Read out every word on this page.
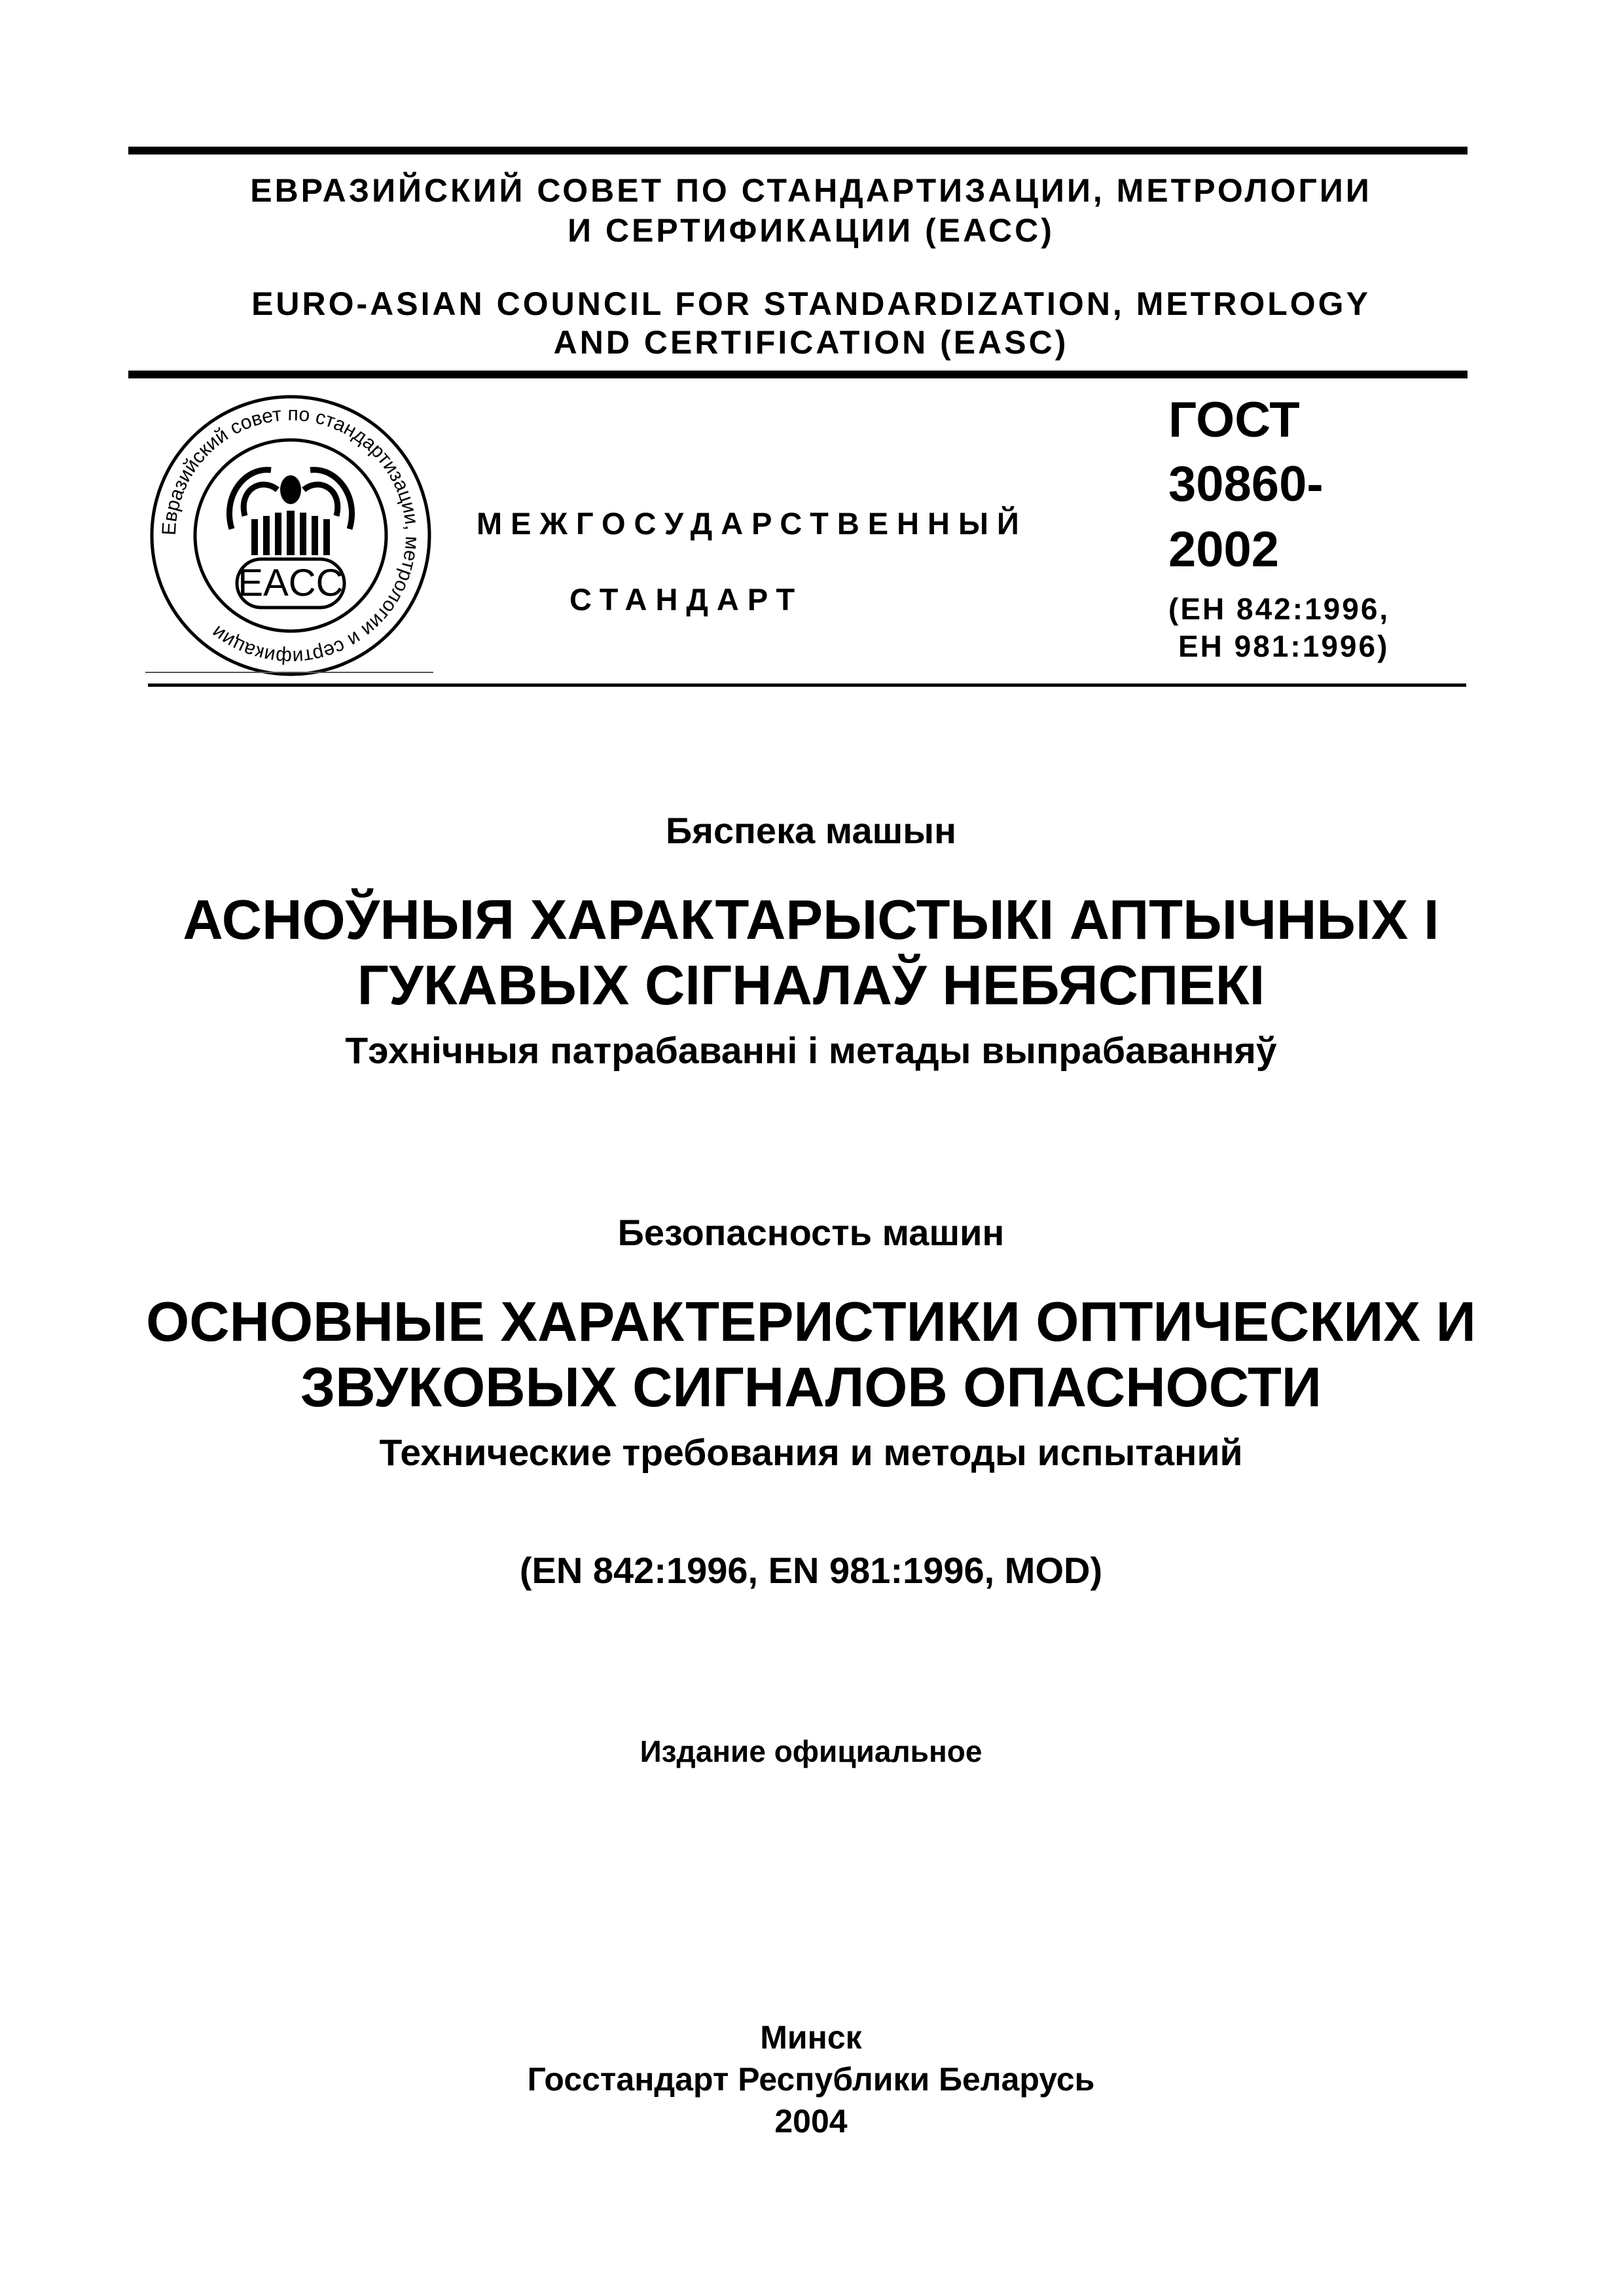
ЕВРАЗИЙСКИЙ СОВЕТ ПО СТАНДАРТИЗАЦИИ, МЕТРОЛОГИИ
И СЕРТИФИКАЦИИ (ЕАСС)
EURO-ASIAN COUNCIL FOR STANDARDIZATION, METROLOGY
AND CERTIFICATION (EASC)
Евразийский совет по стандартизации, метрологии и сертификации
EACC
МЕЖГОСУДАРСТВЕННЫЙ
СТАНДАРТ
ГОСТ
30860-
2002
(ЕН 842:1996,
ЕН 981:1996)
Бяспека машын
АСНОЎНЫЯ ХАРАКТАРЫСТЫКІ АПТЫЧНЫХ І
ГУКАВЫХ СІГНАЛАЎ НЕБЯСПЕКІ
Тэхнічныя патрабаванні і метады выпрабаванняў
Безопасность машин
ОСНОВНЫЕ ХАРАКТЕРИСТИКИ ОПТИЧЕСКИХ И
ЗВУКОВЫХ СИГНАЛОВ ОПАСНОСТИ
Технические требования и методы испытаний
(EN 842:1996, EN 981:1996, MOD)
Издание официальное
Минск
Госстандарт Республики Беларусь
2004
